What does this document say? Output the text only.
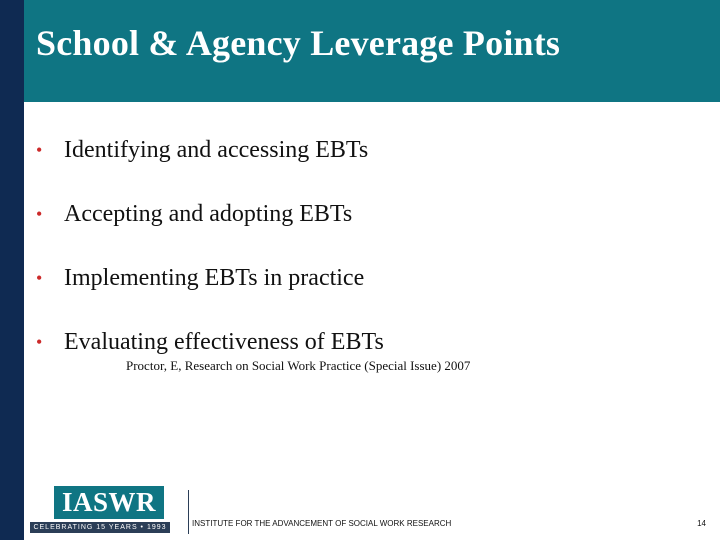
School & Agency Leverage Points
• Identifying and accessing EBTs
• Accepting and adopting EBTs
• Implementing EBTs in practice
• Evaluating effectiveness of EBTs
Proctor, E, Research on Social Work Practice (Special Issue) 2007
IASWR
CELEBRATING 15 YEARS • 1993 2008
INSTITUTE FOR THE ADVANCEMENT OF SOCIAL WORK RESEARCH	14
